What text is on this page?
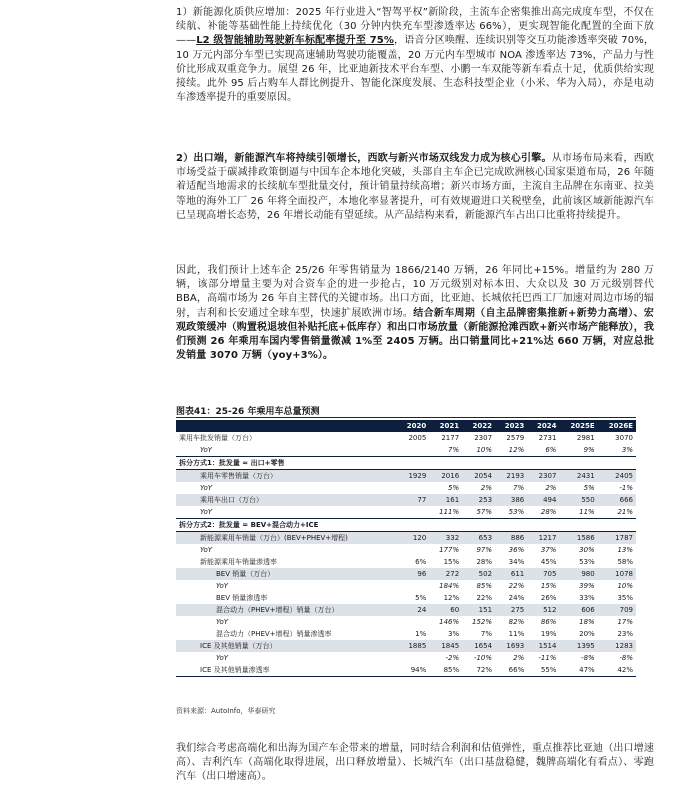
1）新能源化质供应增加：2025 年行业进入“智驾平权”新阶段，主流车企密集推出高完成度车型，不仅在续航、补能等基础性能上持续优化（30 分钟内快充车型渗透率达 66%），更实现智能化配置的全面下放——L2 级智能辅助驾驶新车标配率提升至 75%，语音分区唤醒、连续识别等交互功能渗透率突破 70%，10 万元内部分车型已实现高速辅助驾驶功能覆盖，20 万元内车型城市 NOA 渗透率达 73%，产品力与性价比形成双重竞争力。展望 26 年，比亚迪新技术平台车型、小鹏一车双能等新车看点十足，优质供给实现接续。此外 95 后占购车人群比例提升、智能化深度发展、生态科技型企业（小米、华为入局），亦是电动车渗透率提升的重要原因。
2）出口端，新能源汽车将持续引领增长，西欧与新兴市场双线发力成为核心引擎。从市场布局来看，西欧市场受益于碳减排政策倒逼与中国车企本地化突破，头部自主车企已完成欧洲核心国家渠道布局，26 年随着适配当地需求的长续航车型批量交付，预计销量持续高增；新兴市场方面，主流自主品牌在东南亚、拉美等地的海外工厂 26 年将全面投产，本地化率显著提升，可有效规避进口关税壁垒，此前该区域新能源汽车已呈现高增长态势，26 年增长动能有望延续。从产品结构来看，新能源汽车占出口比重将持续提升。
因此，我们预计上述车企 25/26 年零售销量为 1866/2140 万辆，26 年同比+15%。增量约为 280 万辆，该部分增量主要为对合资车企的进一步抢占，10 万元级别对标本田、大众以及 30 万元级别替代 BBA，高端市场为 26 年自主替代的关键市场。出口方面，比亚迪、长城依托巴西工厂加速对周边市场的辐射，吉利和长安通过全球车型，快速扩展欧洲市场。结合新车周期（自主品牌密集推新+新势力高增）、宏观政策缓冲（购置税退坡但补贴托底+低库存）和出口市场放量（新能源抢滩西欧+新兴市场产能释放），我们预测 26 年乘用车国内零售销量微减 1%至 2405 万辆。出口销量同比+21%达 660 万辆，对应总批发销量 3070 万辆（yoy+3%）。
图表41：25-26 年乘用车总量预测
	2020	2021	2022	2023	2024	2025E	2026E
乘用车批发销量（万台）	2005	2177	2307	2579	2731	2981	3070
YoY		7%	10%	12%	6%	9%	3%
拆分方式1：批发量 ≈ 出口+零售							
乘用车零售销量（万台）	1929	2016	2054	2193	2307	2431	2405
YoY		5%	2%	7%	2%	5%	-1%
乘用车出口（万台）	77	161	253	386	494	550	666
YoY		111%	57%	53%	28%	11%	21%
拆分方式2：批发量 = BEV+混合动力+ICE							
新能源乘用车销量（万台）(BEV+PHEV+增程)	120	332	653	886	1217	1586	1787
YoY		177%	97%	36%	37%	30%	13%
新能源乘用车销量渗透率	6%	15%	28%	34%	45%	53%	58%
BEV 销量（万台）	96	272	502	611	705	980	1078
YoY		184%	85%	22%	15%	39%	10%
BEV 销量渗透率	5%	12%	22%	24%	26%	33%	35%
混合动力（PHEV+增程）销量（万台）	24	60	151	275	512	606	709
YoY		146%	152%	82%	86%	18%	17%
混合动力（PHEV+增程）销量渗透率	1%	3%	7%	11%	19%	20%	23%
ICE 及其他销量（万台）	1885	1845	1654	1693	1514	1395	1283
YoY		-2%	-10%	2%	-11%	-8%	-8%
ICE 及其他销量渗透率	94%	85%	72%	66%	55%	47%	42%
资料来源：AutoInfo，华泰研究
我们综合考虑高端化和出海为国产车企带来的增量，同时结合利润和估值弹性，重点推荐比亚迪（出口增速高）、吉利汽车（高端化取得进展，出口释放增量）、长城汽车（出口基盘稳健，魏牌高端化有看点）、零跑汽车（出口增速高）。
